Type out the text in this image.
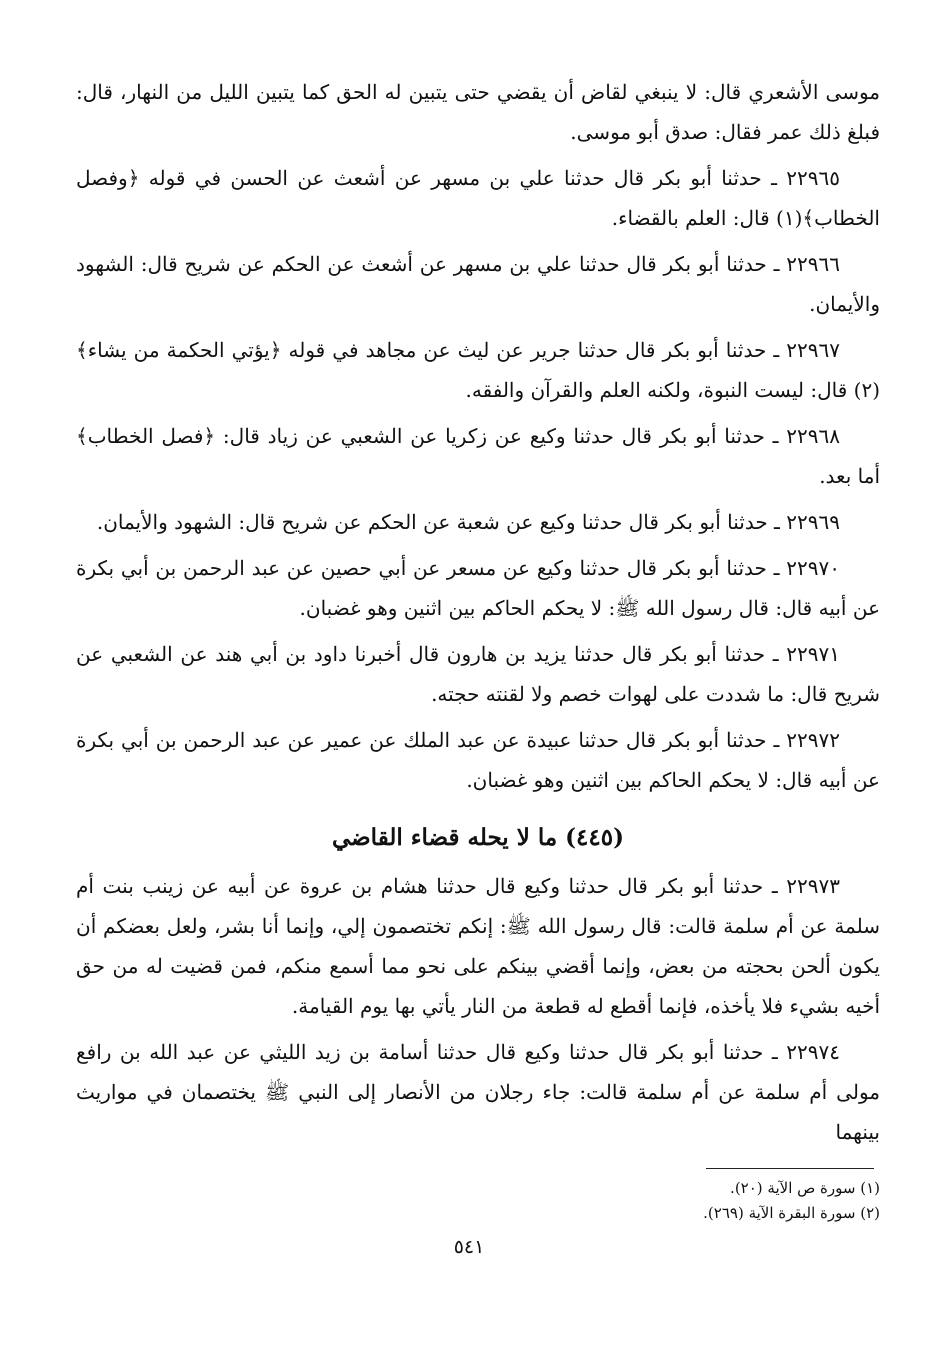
موسى الأشعري قال: لا ينبغي لقاض أن يقضي حتى يتبين له الحق كما يتبين الليل من النهار، قال: فبلغ ذلك عمر فقال: صدق أبو موسى.

٢٢٩٦٥ ـ حدثنا أبو بكر قال حدثنا علي بن مسهر عن أشعث عن الحسن في قوله ﴿وفصل الخطاب﴾(١) قال: العلم بالقضاء.

٢٢٩٦٦ ـ حدثنا أبو بكر قال حدثنا علي بن مسهر عن أشعث عن الحكم عن شريح قال: الشهود والأيمان.

٢٢٩٦٧ ـ حدثنا أبو بكر قال حدثنا جرير عن ليث عن مجاهد في قوله ﴿يؤتي الحكمة من يشاء﴾(٢) قال: ليست النبوة، ولكنه العلم والقرآن والفقه.

٢٢٩٦٨ ـ حدثنا أبو بكر قال حدثنا وكيع عن زكريا عن الشعبي عن زياد قال: ﴿فصل الخطاب﴾ أما بعد.

٢٢٩٦٩ ـ حدثنا أبو بكر قال حدثنا وكيع عن شعبة عن الحكم عن شريح قال: الشهود والأيمان.

٢٢٩٧٠ ـ حدثنا أبو بكر قال حدثنا وكيع عن مسعر عن أبي حصين عن عبد الرحمن بن أبي بكرة عن أبيه قال: قال رسول الله ﷺ: لا يحكم الحاكم بين اثنين وهو غضبان.

٢٢٩٧١ ـ حدثنا أبو بكر قال حدثنا يزيد بن هارون قال أخبرنا داود بن أبي هند عن الشعبي عن شريح قال: ما شددت على لهوات خصم ولا لقنته حجته.

٢٢٩٧٢ ـ حدثنا أبو بكر قال حدثنا عبيدة عن عبد الملك عن عمير عن عبد الرحمن بن أبي بكرة عن أبيه قال: لا يحكم الحاكم بين اثنين وهو غضبان.

(٤٤٥) ما لا يحله قضاء القاضي

٢٢٩٧٣ ـ حدثنا أبو بكر قال حدثنا وكيع قال حدثنا هشام بن عروة عن أبيه عن زينب بنت أم سلمة عن أم سلمة قالت: قال رسول الله ﷺ: إنكم تختصمون إلي، وإنما أنا بشر، ولعل بعضكم أن يكون ألحن بحجته من بعض، وإنما أقضي بينكم على نحو مما أسمع منكم، فمن قضيت له من حق أخيه بشيء فلا يأخذه، فإنما أقطع له قطعة من النار يأتي بها يوم القيامة.

٢٢٩٧٤ ـ حدثنا أبو بكر قال حدثنا وكيع قال حدثنا أسامة بن زيد الليثي عن عبد الله بن رافع مولى أم سلمة عن أم سلمة قالت: جاء رجلان من الأنصار إلى النبي ﷺ يختصمان في مواريث بينهما

(١) سورة ص الآية (٢٠).

(٢) سورة البقرة الآية (٢٦٩).

٥٤١
